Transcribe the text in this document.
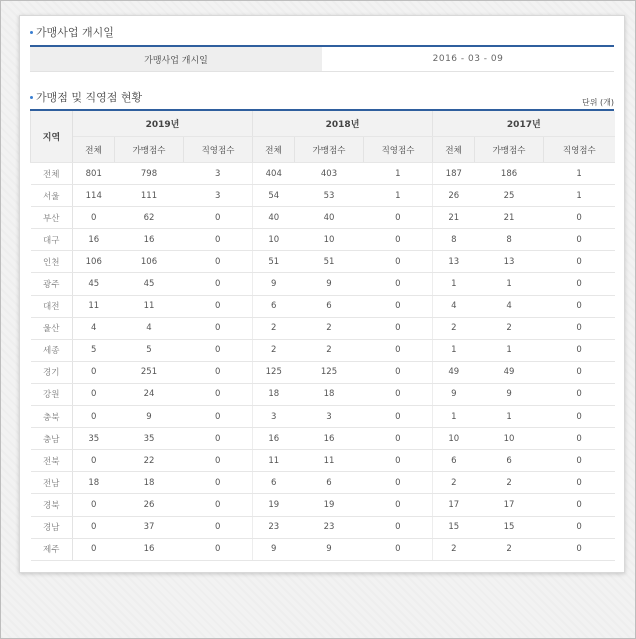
가맹사업 개시일
가맹사업 개시일	2016 - 03 - 09
가맹점 및 직영점 현황	단위 (개)
지역	2019년			2018년			2017년		
	전체	가맹점수	직영점수	전체	가맹점수	직영점수	전체	가맹점수	직영점수
전체	801	798	3	404	403	1	187	186	1
서울	114	111	3	54	53	1	26	25	1
부산	0	62	0	40	40	0	21	21	0
대구	16	16	0	10	10	0	8	8	0
인천	106	106	0	51	51	0	13	13	0
광주	45	45	0	9	9	0	1	1	0
대전	11	11	0	6	6	0	4	4	0
울산	4	4	0	2	2	0	2	2	0
세종	5	5	0	2	2	0	1	1	0
경기	0	251	0	125	125	0	49	49	0
강원	0	24	0	18	18	0	9	9	0
충북	0	9	0	3	3	0	1	1	0
충남	35	35	0	16	16	0	10	10	0
전북	0	22	0	11	11	0	6	6	0
전남	18	18	0	6	6	0	2	2	0
경북	0	26	0	19	19	0	17	17	0
경남	0	37	0	23	23	0	15	15	0
제주	0	16	0	9	9	0	2	2	0
